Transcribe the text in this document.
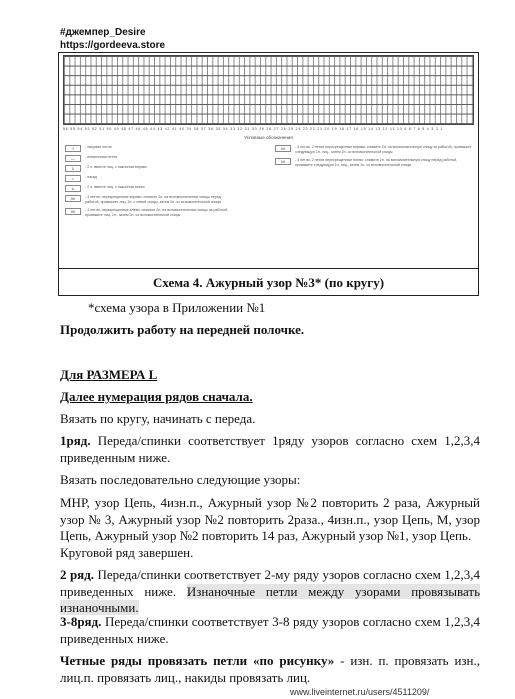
#джемпер_Desire
https://gordeeva.store
56 55 54 53 52 51 50 49 48 47 46 45 44 43 42 41 40 39 38 37 36 35 34 33 32 31 30 29 28 27 26 25 24 23 22 21 20 19 18 17 16 15 14 13 12 11 10 9 8 7 6 5 4 3 2 1
Условные обозначения
I	- лицевая петля
—	- изнаночная петля
λ	- 2 п. вместе лиц. с наклоном вправо
○	- накид
λ	- 2 п. вместе лиц. с наклоном влево
////	- 4 петли, перекрещенные вправо: снимите 2п. на вспомогательные спицы перед работой, провяжите лиц. 2п. с левой спицы, затем 2п. со вспомогательной спицы
\\\\	- 4 петли, перекрещенные влево: снимите 2п. на вспомогательные спицы за работой, провяжите лиц. 2п., затем 2п. со вспомогательной спицы
////	- 4 петли. 2 петли перекрещенные вправо: снимите 2п. на вспомогательную спицу за работой, провяжите следующую 1п. лиц., затем 2п. со вспомогательной спицы
\\\\	- 4 петли. 2 петли перекрещенные влево: снимите 2п. на вспомогательную спицу перед работой, провяжите следующую 1п. лиц., затем 2п. со вспомогательной спицы
Схема 4. Ажурный узор №3* (по кругу)
*схема узора в Приложении №1
Продолжить работу на передней полочке.
Для РАЗМЕРА L
Далее нумерация рядов сначала.
Вязать по кругу, начинать с переда.
1ряд. Переда/спинки соответствует 1ряду узоров согласно схем 1,2,3,4 приведенным ниже.
Вязать последовательно следующие узоры:
МНР, узор Цепь, 4изн.п., Ажурный узор №2 повторить 2 раза, Ажурный узор № 3, Ажурный узор №2 повторить 2раза., 4изн.п., узор Цепь, М, узор Цепь, Ажурный узор №2 повторить 14 раз, Ажурный узор №1, узор Цепь.
Круговой ряд завершен.
2 ряд. Переда/спинки соответствует 2-му ряду узоров согласно схем 1,2,3,4 приведенных ниже. Изнаночные петли между узорами провязывать изнаночными.
3-8ряд. Переда/спинки соответствует 3-8 ряду узоров согласно схем 1,2,3,4 приведенных ниже.
Четные ряды провязать петли «по рисунку» - изн. п. провязать изн., лиц.п. провязать лиц., накиды провязать лиц.
www.liveinternet.ru/users/4511209/
